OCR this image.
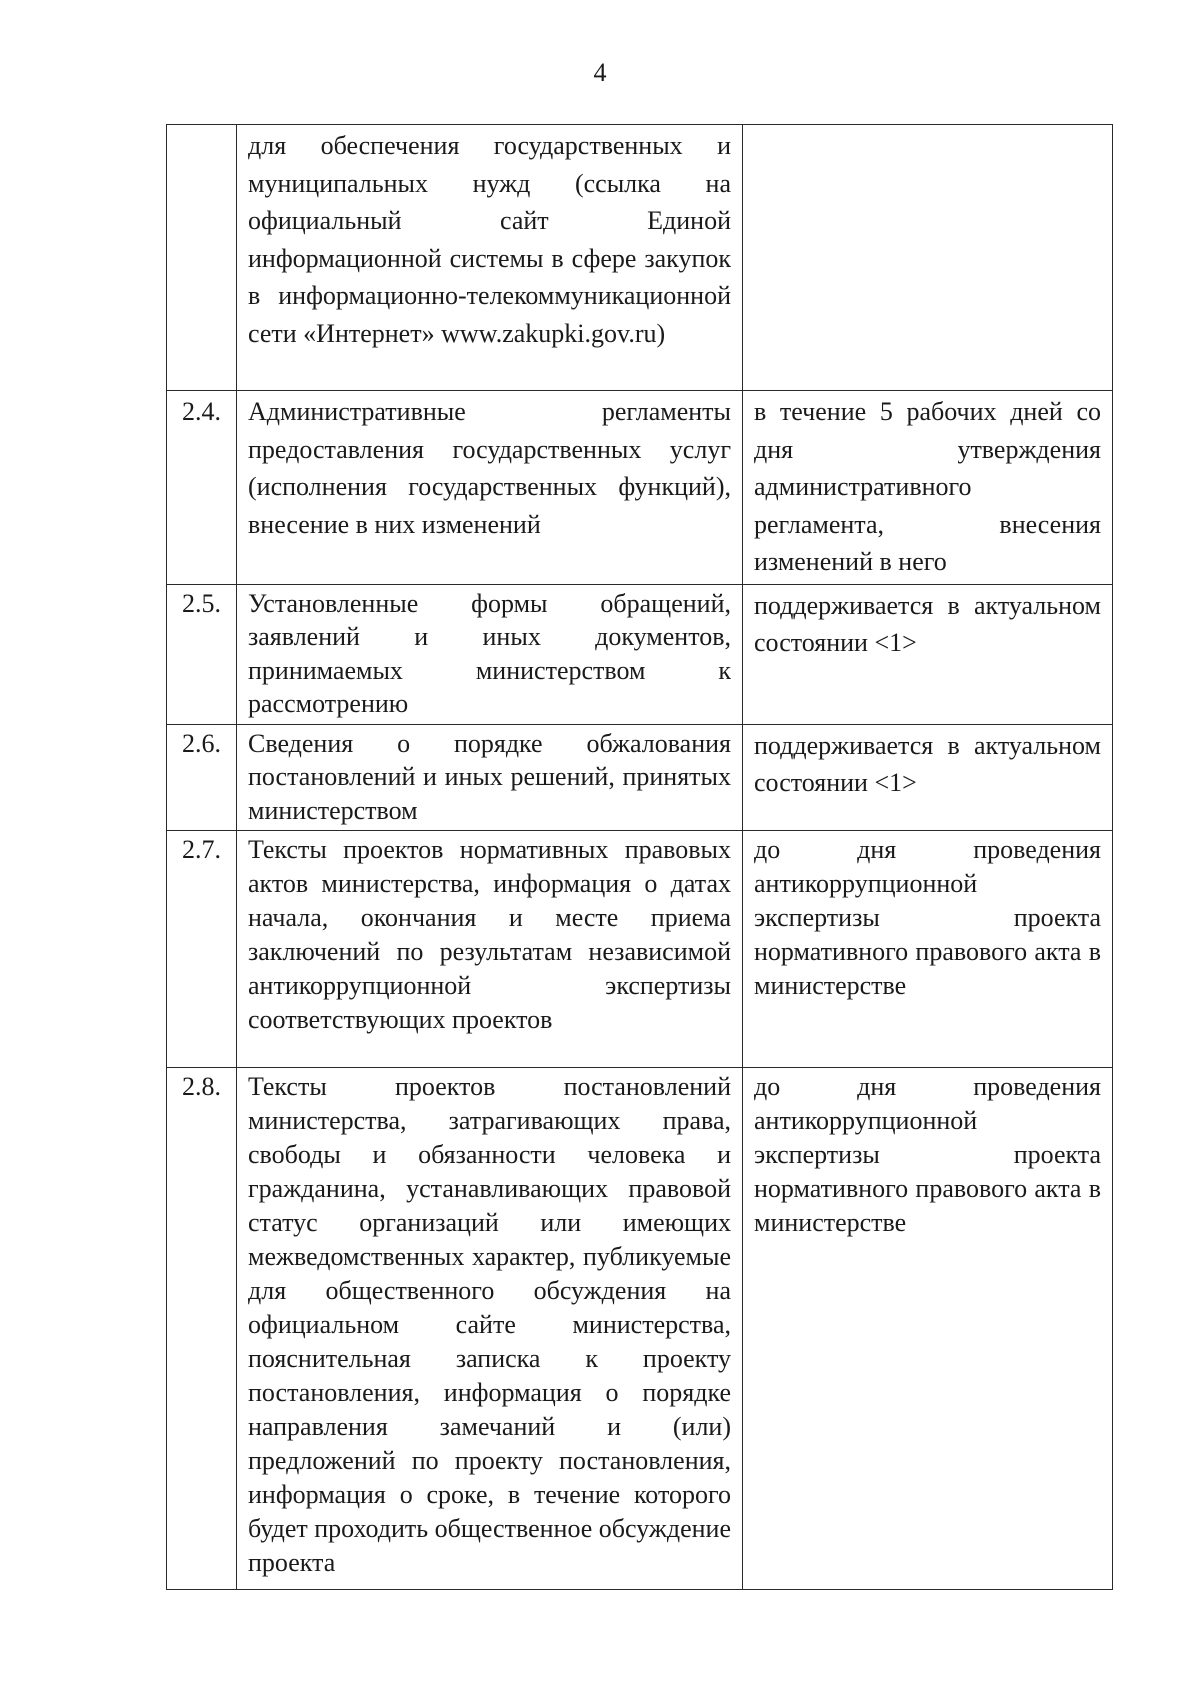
4
	для обеспечения государственных и муниципальных нужд (ссылка на официальный сайт Единой информационной системы в сфере закупок в информационно-телекоммуникационной сети «Интернет» www.zakupki.gov.ru)	
2.4.	Административные регламенты предоставления государственных услуг (исполнения государственных функций), внесение в них изменений	в течение 5 рабочих дней со дня утверждения административного регламента, внесения изменений в него
2.5.	Установленные формы обращений, заявлений и иных документов, принимаемых министерством к рассмотрению	поддерживается в актуальном состоянии <1>
2.6.	Сведения о порядке обжалования постановлений и иных решений, принятых министерством	поддерживается в актуальном состоянии <1>
2.7.	Тексты проектов нормативных правовых актов министерства, информация о датах начала, окончания и месте приема заключений по результатам независимой антикоррупционной экспертизы соответствующих проектов	до дня проведения антикоррупционной экспертизы проекта нормативного правового акта в министерстве
2.8.	Тексты проектов постановлений министерства, затрагивающих права, свободы и обязанности человека и гражданина, устанавливающих правовой статус организаций или имеющих межведомственных характер, публикуемые для общественного обсуждения на официальном сайте министерства, пояснительная записка к проекту постановления, информация о порядке направления замечаний и (или) предложений по проекту постановления, информация о сроке, в течение которого будет проходить общественное обсуждение проекта	до дня проведения антикоррупционной экспертизы проекта нормативного правового акта в министерстве
